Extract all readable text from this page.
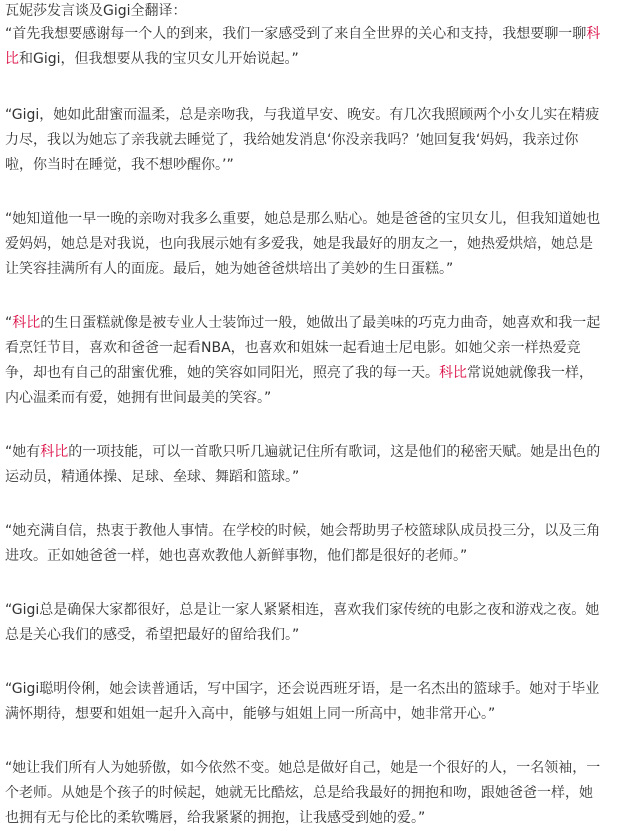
瓦妮莎发言谈及Gigi全翻译：

“首先我想要感谢每一个人的到来，我们一家感受到了来自全世界的关心和支持，我想要聊一聊科
比和Gigi，但我想要从我的宝贝女儿开始说起。”

“Gigi，她如此甜蜜而温柔，总是亲吻我，与我道早安、晚安。有几次我照顾两个小女儿实在精疲
力尽，我以为她忘了亲我就去睡觉了，我给她发消息‘你没亲我吗？’她回复我‘妈妈，我亲过你
啦，你当时在睡觉，我不想吵醒你。’”

“她知道他一早一晚的亲吻对我多么重要，她总是那么贴心。她是爸爸的宝贝女儿，但我知道她也
爱妈妈，她总是对我说，也向我展示她有多爱我，她是我最好的朋友之一，她热爱烘焙，她总是
让笑容挂满所有人的面庞。最后，她为她爸爸烘培出了美妙的生日蛋糕。”

“科比的生日蛋糕就像是被专业人士装饰过一般，她做出了最美味的巧克力曲奇，她喜欢和我一起
看烹饪节目，喜欢和爸爸一起看NBA，也喜欢和姐妹一起看迪士尼电影。如她父亲一样热爱竞
争，却也有自己的甜蜜优雅，她的笑容如同阳光，照亮了我的每一天。科比常说她就像我一样，
内心温柔而有爱，她拥有世间最美的笑容。”

“她有科比的一项技能，可以一首歌只听几遍就记住所有歌词，这是他们的秘密天赋。她是出色的
运动员，精通体操、足球、垒球、舞蹈和篮球。”

“她充满自信，热衷于教他人事情。在学校的时候，她会帮助男子校篮球队成员投三分，以及三角
进攻。正如她爸爸一样，她也喜欢教他人新鲜事物，他们都是很好的老师。”

“Gigi总是确保大家都很好，总是让一家人紧紧相连，喜欢我们家传统的电影之夜和游戏之夜。她
总是关心我们的感受，希望把最好的留给我们。”

“Gigi聪明伶俐，她会读普通话，写中国字，还会说西班牙语，是一名杰出的篮球手。她对于毕业
满怀期待，想要和姐姐一起升入高中，能够与姐姐上同一所高中，她非常开心。”

“她让我们所有人为她骄傲，如今依然不变。她总是做好自己，她是一个很好的人，一名领袖，一
个老师。从她是个孩子的时候起，她就无比酷炫，总是给我最好的拥抱和吻，跟她爸爸一样，她
也拥有无与伦比的柔软嘴唇，给我紧紧的拥抱，让我感受到她的爱。”
